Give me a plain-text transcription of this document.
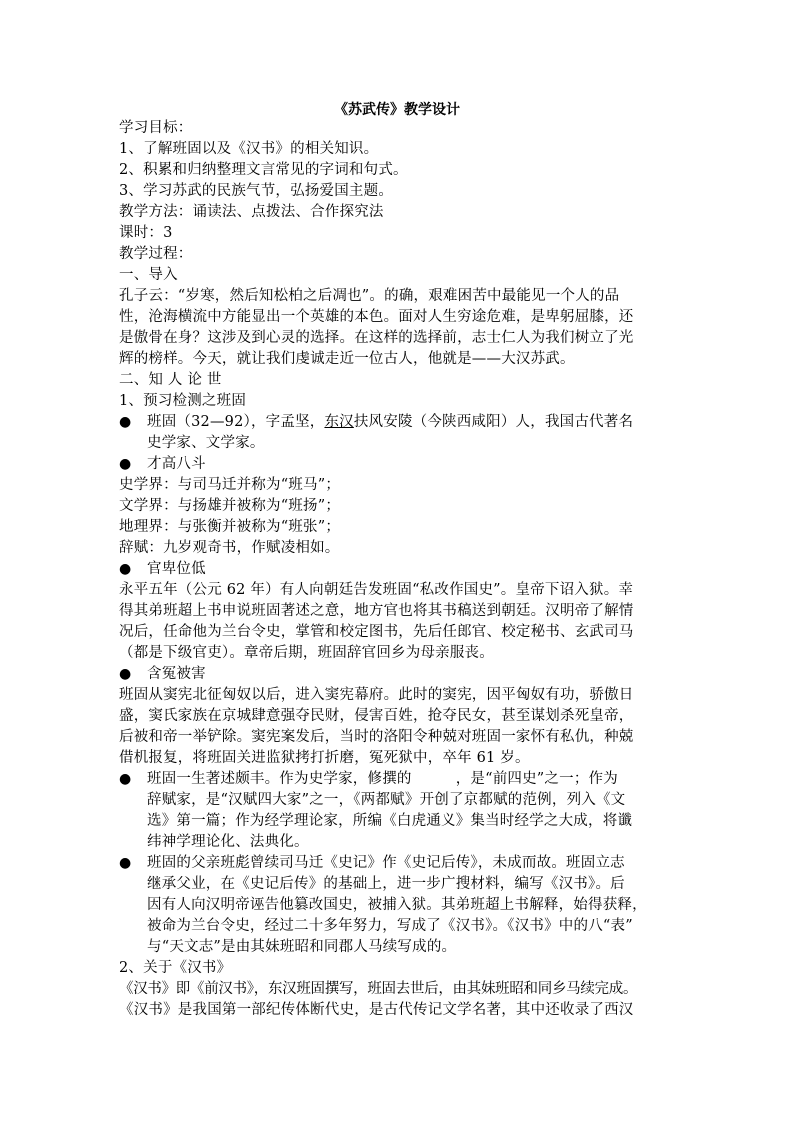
《苏武传》教学设计
学习目标：
1、了解班固以及《汉书》的相关知识。
2、积累和归纳整理文言常见的字词和句式。
3、学习苏武的民族气节，弘扬爱国主题。
教学方法：诵读法、点拨法、合作探究法
课时：3
教学过程：
一、导入
孔子云：“岁寒，然后知松柏之后凋也”。的确，艰难困苦中最能见一个人的品
性，沧海横流中方能显出一个英雄的本色。面对人生穷途危难，是卑躬屈膝，还
是傲骨在身？这涉及到心灵的选择。在这样的选择前，志士仁人为我们树立了光
辉的榜样。今天，就让我们虔诚走近一位古人，他就是——大汉苏武。
二、知 人 论 世
1、预习检测之班固
● 班固（32—92），字孟坚，东汉扶风安陵（今陕西咸阳）人，我国古代著名
史学家、文学家。
● 才高八斗
史学界：与司马迁并称为“班马”；
文学界：与扬雄并被称为“班扬”；
地理界：与张衡并被称为“班张”；
辞赋：九岁观奇书，作赋凌相如。
● 官卑位低
永平五年（公元 62 年）有人向朝廷告发班固“私改作国史”。皇帝下诏入狱。幸
得其弟班超上书申说班固著述之意，地方官也将其书稿送到朝廷。汉明帝了解情
况后，任命他为兰台令史，掌管和校定图书，先后任郎官、校定秘书、玄武司马
（都是下级官吏）。章帝后期，班固辞官回乡为母亲服丧。
● 含冤被害
班固从窦宪北征匈奴以后，进入窦宪幕府。此时的窦宪，因平匈奴有功，骄傲日
盛，窦氏家族在京城肆意强夺民财，侵害百姓，抢夺民女，甚至谋划杀死皇帝，
后被和帝一举铲除。窦宪案发后，当时的洛阳令种兢对班固一家怀有私仇，种兢
借机报复，将班固关进监狱拷打折磨，冤死狱中，卒年 61 岁。
● 班固一生著述颇丰。作为史学家，修撰的　　　，是“前四史”之一；作为
辞赋家，是“汉赋四大家”之一，《两都赋》开创了京都赋的范例，列入《文
选》第一篇；作为经学理论家，所编《白虎通义》集当时经学之大成，将谶
纬神学理论化、法典化。
● 班固的父亲班彪曾续司马迁《史记》作《史记后传》，未成而故。班固立志
继承父业，在《史记后传》的基础上，进一步广搜材料，编写《汉书》。后
因有人向汉明帝诬告他篡改国史，被捕入狱。其弟班超上书解释，始得获释，
被命为兰台令史，经过二十多年努力，写成了《汉书》。《汉书》中的八“表”
与“天文志”是由其妹班昭和同郡人马续写成的。
2、关于《汉书》
《汉书》即《前汉书》，东汉班固撰写，班固去世后，由其妹班昭和同乡马续完成。
《汉书》是我国第一部纪传体断代史，是古代传记文学名著，其中还收录了西汉
